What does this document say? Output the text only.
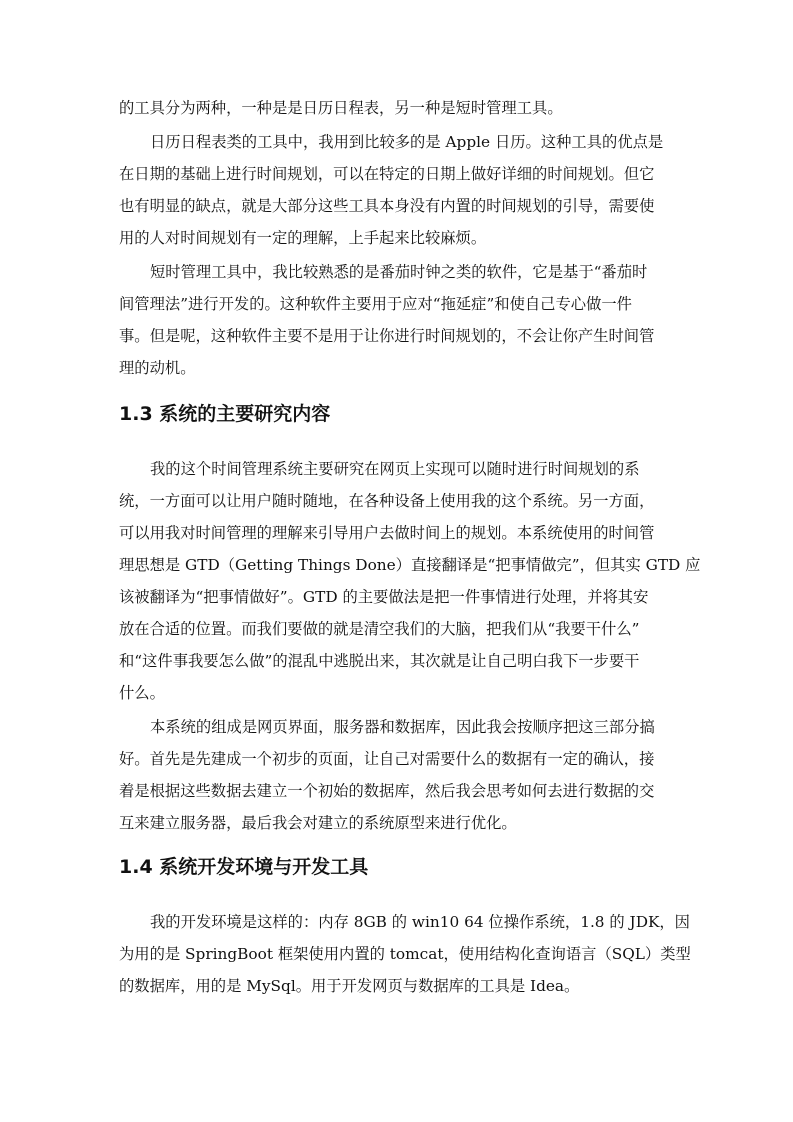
的工具分为两种，一种是是日历日程表，另一种是短时管理工具。
日历日程表类的工具中，我用到比较多的是 Apple 日历。这种工具的优点是
在日期的基础上进行时间规划，可以在特定的日期上做好详细的时间规划。但它
也有明显的缺点，就是大部分这些工具本身没有内置的时间规划的引导，需要使
用的人对时间规划有一定的理解，上手起来比较麻烦。
短时管理工具中，我比较熟悉的是番茄时钟之类的软件，它是基于“番茄时
间管理法”进行开发的。这种软件主要用于应对“拖延症”和使自己专心做一件
事。但是呢，这种软件主要不是用于让你进行时间规划的，不会让你产生时间管
理的动机。
1.3 系统的主要研究内容
我的这个时间管理系统主要研究在网页上实现可以随时进行时间规划的系
统，一方面可以让用户随时随地，在各种设备上使用我的这个系统。另一方面，
可以用我对时间管理的理解来引导用户去做时间上的规划。本系统使用的时间管
理思想是 GTD（Getting Things Done）直接翻译是“把事情做完”，但其实 GTD 应
该被翻译为“把事情做好”。GTD 的主要做法是把一件事情进行处理，并将其安
放在合适的位置。而我们要做的就是清空我们的大脑，把我们从“我要干什么”
和“这件事我要怎么做”的混乱中逃脱出来，其次就是让自己明白我下一步要干
什么。
本系统的组成是网页界面，服务器和数据库，因此我会按顺序把这三部分搞
好。首先是先建成一个初步的页面，让自己对需要什么的数据有一定的确认，接
着是根据这些数据去建立一个初始的数据库，然后我会思考如何去进行数据的交
互来建立服务器，最后我会对建立的系统原型来进行优化。
1.4 系统开发环境与开发工具
我的开发环境是这样的：内存 8GB 的 win10 64 位操作系统，1.8 的 JDK，因
为用的是 SpringBoot 框架使用内置的 tomcat，使用结构化查询语言（SQL）类型
的数据库，用的是 MySql。用于开发网页与数据库的工具是 Idea。
